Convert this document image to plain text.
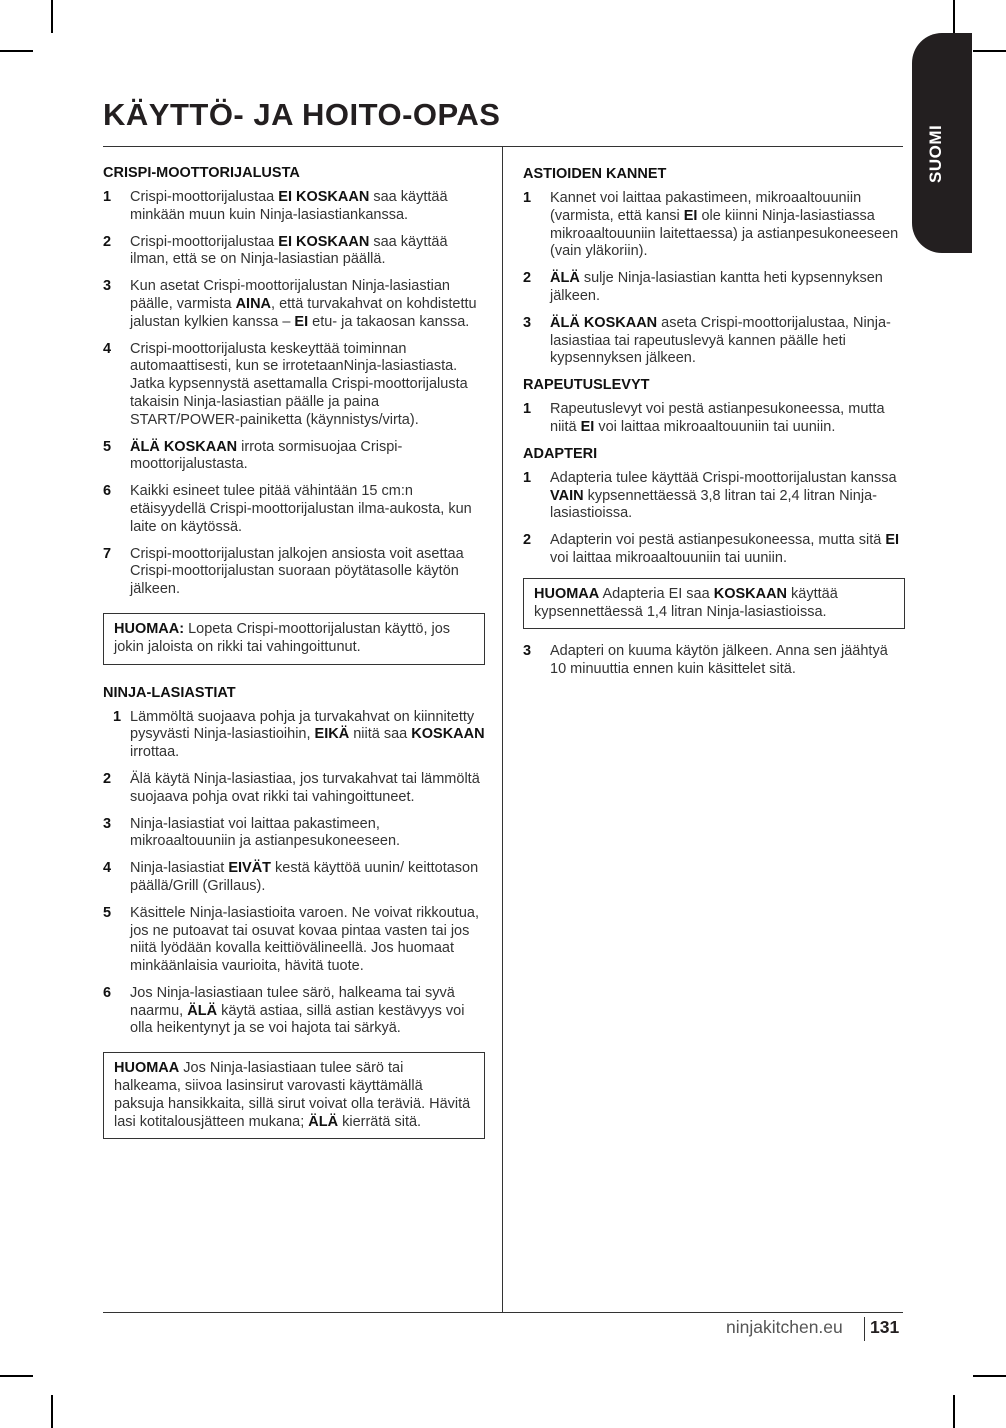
SUOMI
KÄYTTÖ- JA HOITO-OPAS
CRISPI-MOOTTORIJALUSTA
1 Crispi-moottorijalustaa EI KOSKAAN saa käyttää minkään muun kuin Ninja-lasiastiankanssa.
2 Crispi-moottorijalustaa EI KOSKAAN saa käyttää ilman, että se on Ninja-lasiastian päällä.
3 Kun asetat Crispi-moottorijalustan Ninja-lasiastian päälle, varmista AINA, että turvakahvat on kohdistettu jalustan kylkien kanssa – EI etu- ja takaosan kanssa.
4 Crispi-moottorijalusta keskeyttää toiminnan automaattisesti, kun se irrotetaanNinja-lasiastiasta. Jatka kypsennystä asettamalla Crispi-moottorijalusta takaisin Ninja-lasiastian päälle ja paina START/POWER-painiketta (käynnistys/virta).
5 ÄLÄ KOSKAAN irrota sormisuojaa Crispi-moottorijalustasta.
6 Kaikki esineet tulee pitää vähintään 15 cm:n etäisyydellä Crispi-moottorijalustan ilma-aukosta, kun laite on käytössä.
7 Crispi-moottorijalustan jalkojen ansiosta voit asettaa Crispi-moottorijalustan suoraan pöytätasolle käytön jälkeen.
HUOMAA: Lopeta Crispi-moottorijalustan käyttö, jos jokin jaloista on rikki tai vahingoittunut.
NINJA-LASIASTIAT
1 Lämmöltä suojaava pohja ja turvakahvat on kiinnitetty pysyvästi Ninja-lasiastioihin, EIKÄ niitä saa KOSKAAN irrottaa.
2 Älä käytä Ninja-lasiastiaa, jos turvakahvat tai lämmöltä suojaava pohja ovat rikki tai vahingoittuneet.
3 Ninja-lasiastiat voi laittaa pakastimeen, mikroaaltouuniin ja astianpesukoneeseen.
4 Ninja-lasiastiat EIVÄT kestä käyttöä uunin/ keittotason päällä/Grill (Grillaus).
5 Käsittele Ninja-lasiastioita varoen. Ne voivat rikkoutua, jos ne putoavat tai osuvat kovaa pintaa vasten tai jos niitä lyödään kovalla keittiövälineellä. Jos huomaat minkäänlaisia vaurioita, hävitä tuote.
6 Jos Ninja-lasiastiaan tulee särö, halkeama tai syvä naarmu, ÄLÄ käytä astiaa, sillä astian kestävyys voi olla heikentynyt ja se voi hajota tai särkyä.
HUOMAA Jos Ninja-lasiastiaan tulee särö tai halkeama, siivoa lasinsirut varovasti käyttämällä paksuja hansikkaita, sillä sirut voivat olla teräviä. Hävitä lasi kotitalousjätteen mukana; ÄLÄ kierrätä sitä.
ASTIOIDEN KANNET
1 Kannet voi laittaa pakastimeen, mikroaaltouuniin (varmista, että kansi EI ole kiinni Ninja-lasiastiassa mikroaaltouuniin laitettaessa) ja astianpesukoneeseen (vain yläkoriin).
2 ÄLÄ sulje Ninja-lasiastian kantta heti kypsennyksen jälkeen.
3 ÄLÄ KOSKAAN aseta Crispi-moottorijalustaa, Ninja-lasiastiaa tai rapeutuslevyä kannen päälle heti kypsennyksen jälkeen.
RAPEUTUSLEVYT
1 Rapeutuslevyt voi pestä astianpesukoneessa, mutta niitä EI voi laittaa mikroaaltouuniin tai uuniin.
ADAPTERI
1 Adapteria tulee käyttää Crispi-moottorijalustan kanssa VAIN kypsennettäessä 3,8 litran tai 2,4 litran Ninja-lasiastioissa.
2 Adapterin voi pestä astianpesukoneessa, mutta sitä EI voi laittaa mikroaaltouuniin tai uuniin.
HUOMAA Adapteria EI saa KOSKAAN käyttää kypsennettäessä 1,4 litran Ninja-lasiastioissa.
3 Adapteri on kuuma käytön jälkeen. Anna sen jäähtyä 10 minuuttia ennen kuin käsittelet sitä.
ninjakitchen.eu 131
